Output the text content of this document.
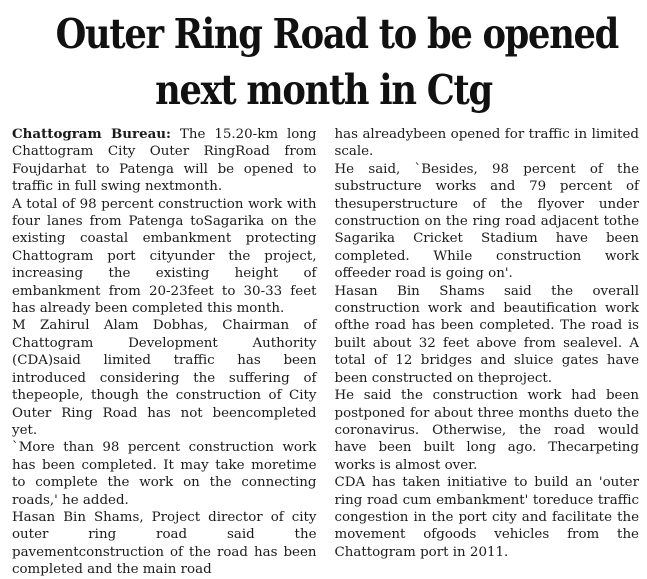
Outer Ring Road to be opened
next month in Ctg

Chattogram Bureau: The 15.20-km long Chattogram City Outer RingRoad from Foujdarhat to Patenga will be opened to traffic in full swing nextmonth.

A total of 98 percent construction work with four lanes from Patenga toSagarika on the existing coastal embankment protecting Chattogram port cityunder the project, increasing the existing height of embankment from 20-23feet to 30-33 feet has already been completed this month.

M Zahirul Alam Dobhas, Chairman of Chattogram Development Authority (CDA)said limited traffic has been introduced considering the suffering of thepeople, though the construction of City Outer Ring Road has not beencompleted yet.

`More than 98 percent construction work has been completed. It may take moretime to complete the work on the connecting roads,' he added.

Hasan Bin Shams, Project director of city outer ring road said the pavementconstruction of the road has been completed and the main road

has alreadybeen opened for traffic in limited scale.

He said, `Besides, 98 percent of the substructure works and 79 percent of thesuperstructure of the flyover under construction on the ring road adjacent tothe Sagarika Cricket Stadium have been completed. While construction work offeeder road is going on'.

Hasan Bin Shams said the overall construction work and beautification work ofthe road has been completed. The road is built about 32 feet above from sealevel. A total of 12 bridges and sluice gates have been constructed on theproject.

He said the construction work had been postponed for about three months dueto the coronavirus. Otherwise, the road would have been built long ago. Thecarpeting works is almost over.

CDA has taken initiative to build an 'outer ring road cum embankment' toreduce traffic congestion in the port city and facilitate the movement ofgoods vehicles from the Chattogram port in 2011.
